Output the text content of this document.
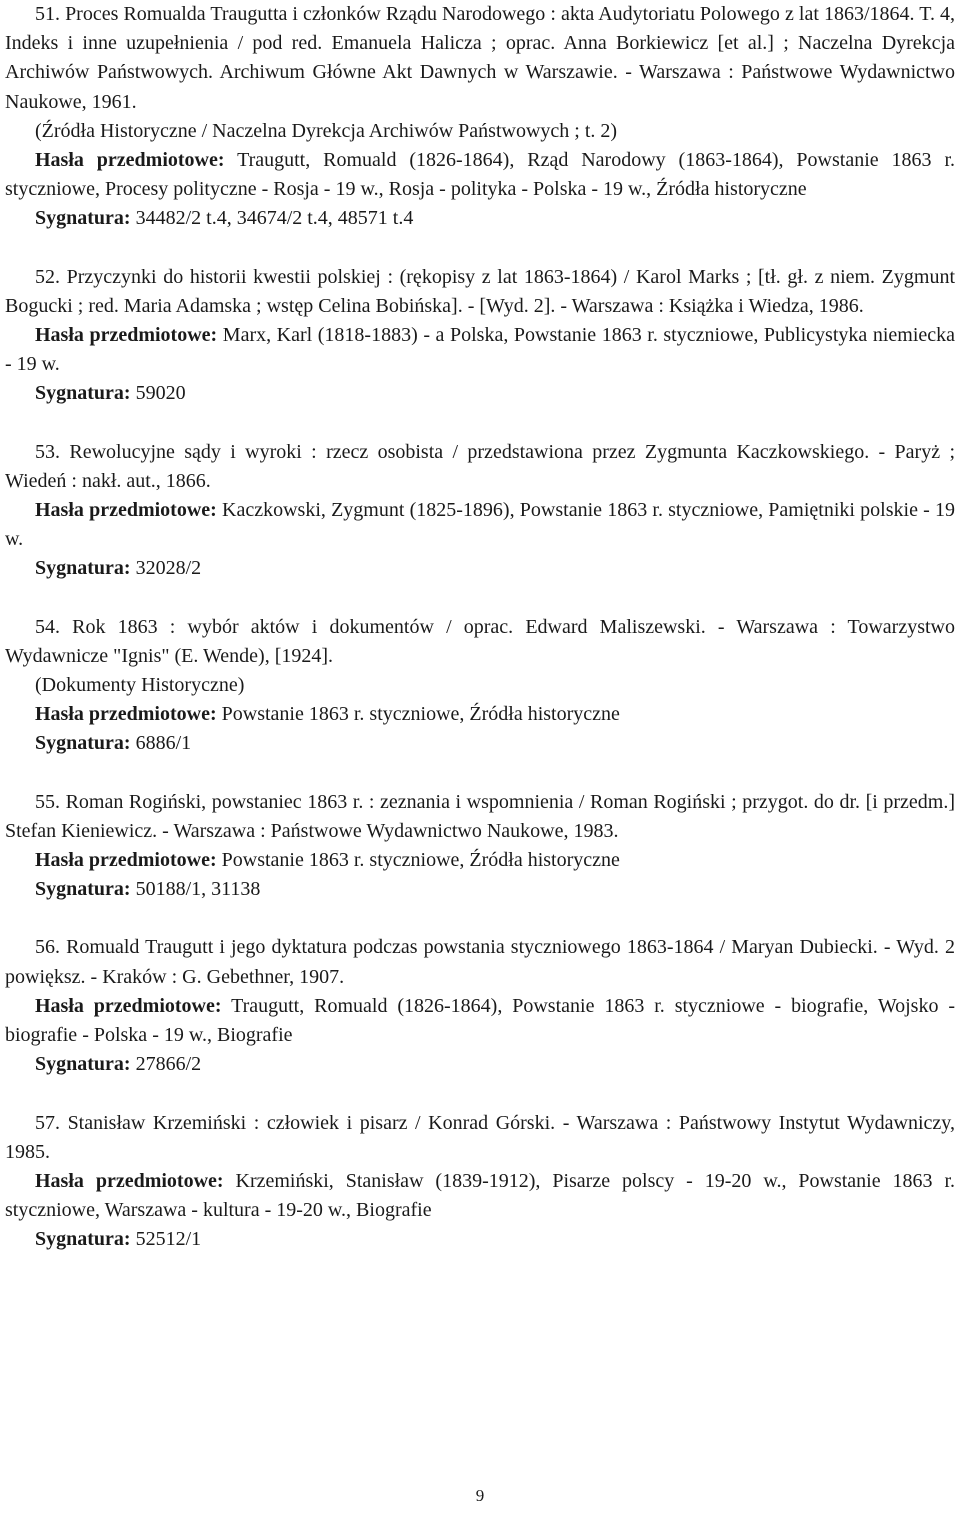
51. Proces Romualda Traugutta i członków Rządu Narodowego : akta Audytoriatu Polowego z lat 1863/1864. T. 4, Indeks i inne uzupełnienia / pod red. Emanuela Halicza ; oprac. Anna Borkiewicz [et al.] ; Naczelna Dyrekcja Archiwów Państwowych. Archiwum Główne Akt Dawnych w Warszawie. - Warszawa : Państwowe Wydawnictwo Naukowe, 1961.
(Źródła Historyczne / Naczelna Dyrekcja Archiwów Państwowych ; t. 2)
Hasła przedmiotowe: Traugutt, Romuald (1826-1864), Rząd Narodowy (1863-1864), Powstanie 1863 r. styczniowe, Procesy polityczne - Rosja - 19 w., Rosja - polityka - Polska - 19 w., Źródła historyczne
Sygnatura: 34482/2 t.4, 34674/2 t.4, 48571 t.4
52. Przyczynki do historii kwestii polskiej : (rękopisy z lat 1863-1864) / Karol Marks ; [tł. gł. z niem. Zygmunt Bogucki ; red. Maria Adamska ; wstęp Celina Bobińska]. - [Wyd. 2]. - Warszawa : Książka i Wiedza, 1986.
Hasła przedmiotowe: Marx, Karl (1818-1883) - a Polska, Powstanie 1863 r. styczniowe, Publicystyka niemiecka - 19 w.
Sygnatura: 59020
53. Rewolucyjne sądy i wyroki : rzecz osobista / przedstawiona przez Zygmunta Kaczkowskiego. - Paryż ; Wiedeń : nakł. aut., 1866.
Hasła przedmiotowe: Kaczkowski, Zygmunt (1825-1896), Powstanie 1863 r. styczniowe, Pamiętniki polskie - 19 w.
Sygnatura: 32028/2
54. Rok 1863 : wybór aktów i dokumentów / oprac. Edward Maliszewski. - Warszawa : Towarzystwo Wydawnicze "Ignis" (E. Wende), [1924].
(Dokumenty Historyczne)
Hasła przedmiotowe: Powstanie 1863 r. styczniowe, Źródła historyczne
Sygnatura: 6886/1
55. Roman Rogiński, powstaniec 1863 r. : zeznania i wspomnienia / Roman Rogiński ; przygot. do dr. [i przedm.] Stefan Kieniewicz. - Warszawa : Państwowe Wydawnictwo Naukowe, 1983.
Hasła przedmiotowe: Powstanie 1863 r. styczniowe, Źródła historyczne
Sygnatura: 50188/1, 31138
56. Romuald Traugutt i jego dyktatura podczas powstania styczniowego 1863-1864 / Maryan Dubiecki. - Wyd. 2 powiększ. - Kraków : G. Gebethner, 1907.
Hasła przedmiotowe: Traugutt, Romuald (1826-1864), Powstanie 1863 r. styczniowe - biografie, Wojsko - biografie - Polska - 19 w., Biografie
Sygnatura: 27866/2
57. Stanisław Krzemiński : człowiek i pisarz / Konrad Górski. - Warszawa : Państwowy Instytut Wydawniczy, 1985.
Hasła przedmiotowe: Krzemiński, Stanisław (1839-1912), Pisarze polscy - 19-20 w., Powstanie 1863 r. styczniowe, Warszawa - kultura - 19-20 w., Biografie
Sygnatura: 52512/1
9
